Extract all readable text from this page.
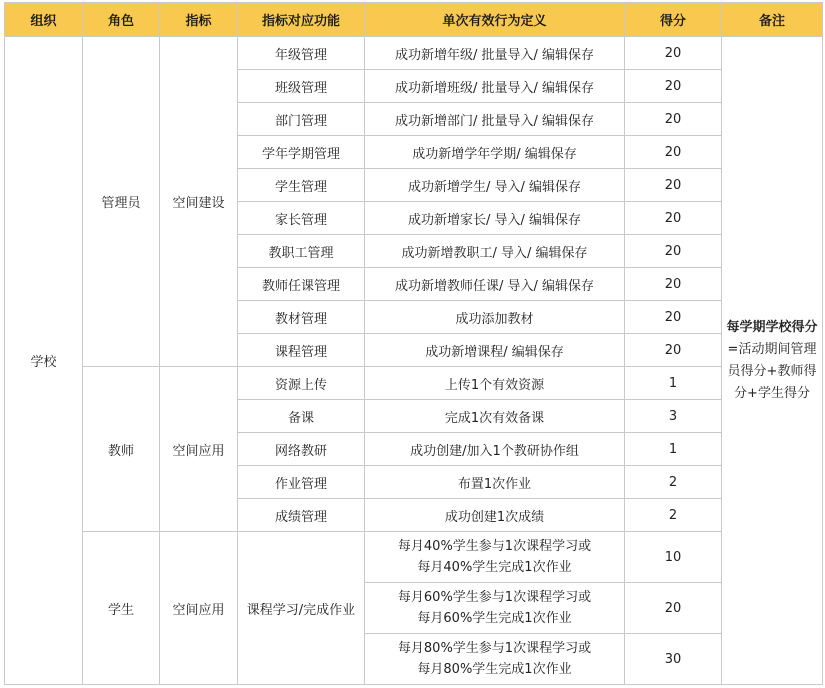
组织	角色	指标	指标对应功能	单次有效行为定义	得分	备注
学校	管理员	空间建设	年级管理	成功新增年级/ 批量导入/ 编辑保存	20	每学期学校得分
=活动期间管理员得分+教师得分+学生得分
			班级管理	成功新增班级/ 批量导入/ 编辑保存	20	
			部门管理	成功新增部门/ 批量导入/ 编辑保存	20	
			学年学期管理	成功新增学年学期/ 编辑保存	20	
			学生管理	成功新增学生/ 导入/ 编辑保存	20	
			家长管理	成功新增家长/ 导入/ 编辑保存	20	
			教职工管理	成功新增教职工/ 导入/ 编辑保存	20	
			教师任课管理	成功新增教师任课/ 导入/ 编辑保存	20	
			教材管理	成功添加教材	20	
			课程管理	成功新增课程/ 编辑保存	20	
	教师	空间应用	资源上传	上传1个有效资源	1	
			备课	完成1次有效备课	3	
			网络教研	成功创建/加入1个教研协作组	1	
			作业管理	布置1次作业	2	
			成绩管理	成功创建1次成绩	2	
	学生	空间应用	课程学习/完成作业	每月40%学生参与1次课程学习或
每月40%学生完成1次作业	10	

				每月60%学生参与1次课程学习或
每月60%学生完成1次作业	20	

				每月80%学生参与1次课程学习或
每月80%学生完成1次作业	30	
